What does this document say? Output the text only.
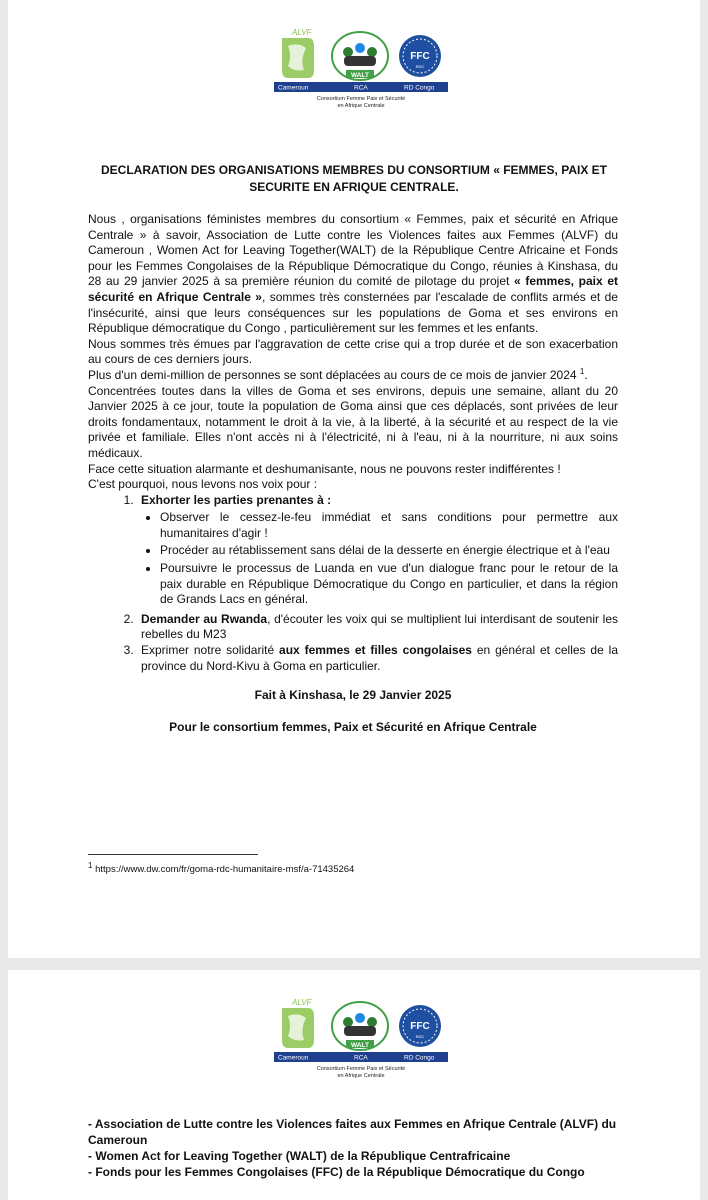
ALVF
WALT
FFC
RDC
Cameroun	RCA	RD Congo
Consortium Femme Paix et Sécurité
en Afrique Centrale
DECLARATION DES ORGANISATIONS MEMBRES DU CONSORTIUM « FEMMES, PAIX ET
SECURITE EN AFRIQUE CENTRALE.

Nous , organisations féministes membres du consortium « Femmes, paix et sécurité en Afrique Centrale » à savoir, Association de Lutte contre les Violences faites aux Femmes (ALVF) du Cameroun , Women Act for Leaving Together(WALT) de la République Centre Africaine et Fonds pour les Femmes Congolaises de la République Démocratique du Congo, réunies à Kinshasa, du 28 au 29 janvier 2025 à sa première réunion du comité de pilotage du projet « femmes, paix et sécurité en Afrique Centrale », sommes très consternées par l'escalade de conflits armés et de l'insécurité, ainsi que leurs conséquences sur les populations de Goma et ses environs en République démocratique du Congo , particulièrement sur les femmes et les enfants.

Nous sommes très émues par l'aggravation de cette crise qui a trop durée et de son exacerbation au cours de ces derniers jours.

Plus d'un demi-million de personnes se sont déplacées au cours de ce mois de janvier 2024 $^1$.

Concentrées toutes dans la villes de Goma et ses environs, depuis une semaine, allant du 20 Janvier 2025 à ce jour, toute la population de Goma ainsi que ces déplacés, sont privées de leur droits fondamentaux, notamment le droit à la vie, à la liberté, à la sécurité et au respect de la vie privée et familiale. Elles n'ont accès ni à l'électricité, ni à l'eau, ni à la nourriture, ni aux soins médicaux.

Face cette situation alarmante et deshumanisante, nous ne pouvons rester indifférentes !

C'est pourquoi, nous levons nos voix pour :

1. Exhorter les parties prenantes à :
• Observer le cessez-le-feu immédiat et sans conditions pour permettre aux humanitaires d'agir !
• Procéder au rétablissement sans délai de la desserte en énergie électrique et à l'eau
• Poursuivre le processus de Luanda en vue d'un dialogue franc pour le retour de la paix durable en République Démocratique du Congo en particulier, et dans la région de Grands Lacs en général.
2. Demander au Rwanda, d'écouter les voix qui se multiplient lui interdisant de soutenir les rebelles du M23
3. Exprimer notre solidarité aux femmes et filles congolaises en général et celles de la province du Nord-Kivu à Goma en particulier.
Fait à Kinshasa, le 29 Janvier 2025
Pour le consortium femmes, Paix et Sécurité en Afrique Centrale
$^1$ https://www.dw.com/fr/goma-rdc-humanitaire-msf/a-71435264
ALVF
WALT
FFC
RDC
Cameroun	RCA	RD Congo
Consortium Femme Paix et Sécurité
en Afrique Centrale
- Association de Lutte contre les Violences faites aux Femmes en Afrique Centrale (ALVF) du Cameroun
- Women Act for Leaving Together (WALT) de la République Centrafricaine
- Fonds pour les Femmes Congolaises (FFC) de la République Démocratique du Congo
